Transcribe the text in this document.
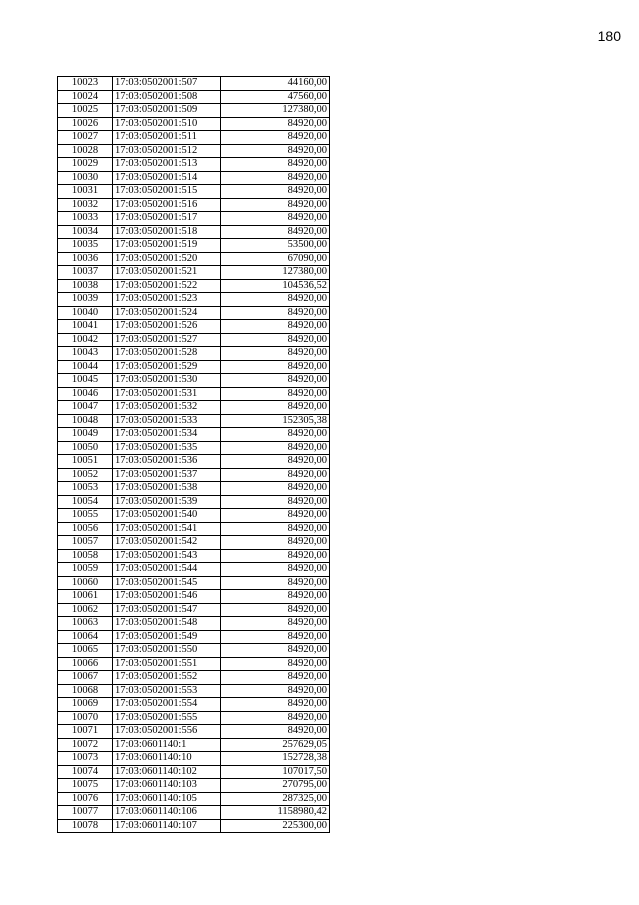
180
10023	17:03:0502001:507	44160,00
10024	17:03:0502001:508	47560,00
10025	17:03:0502001:509	127380,00
10026	17:03:0502001:510	84920,00
10027	17:03:0502001:511	84920,00
10028	17:03:0502001:512	84920,00
10029	17:03:0502001:513	84920,00
10030	17:03:0502001:514	84920,00
10031	17:03:0502001:515	84920,00
10032	17:03:0502001:516	84920,00
10033	17:03:0502001:517	84920,00
10034	17:03:0502001:518	84920,00
10035	17:03:0502001:519	53500,00
10036	17:03:0502001:520	67090,00
10037	17:03:0502001:521	127380,00
10038	17:03:0502001:522	104536,52
10039	17:03:0502001:523	84920,00
10040	17:03:0502001:524	84920,00
10041	17:03:0502001:526	84920,00
10042	17:03:0502001:527	84920,00
10043	17:03:0502001:528	84920,00
10044	17:03:0502001:529	84920,00
10045	17:03:0502001:530	84920,00
10046	17:03:0502001:531	84920,00
10047	17:03:0502001:532	84920,00
10048	17:03:0502001:533	152305,38
10049	17:03:0502001:534	84920,00
10050	17:03:0502001:535	84920,00
10051	17:03:0502001:536	84920,00
10052	17:03:0502001:537	84920,00
10053	17:03:0502001:538	84920,00
10054	17:03:0502001:539	84920,00
10055	17:03:0502001:540	84920,00
10056	17:03:0502001:541	84920,00
10057	17:03:0502001:542	84920,00
10058	17:03:0502001:543	84920,00
10059	17:03:0502001:544	84920,00
10060	17:03:0502001:545	84920,00
10061	17:03:0502001:546	84920,00
10062	17:03:0502001:547	84920,00
10063	17:03:0502001:548	84920,00
10064	17:03:0502001:549	84920,00
10065	17:03:0502001:550	84920,00
10066	17:03:0502001:551	84920,00
10067	17:03:0502001:552	84920,00
10068	17:03:0502001:553	84920,00
10069	17:03:0502001:554	84920,00
10070	17:03:0502001:555	84920,00
10071	17:03:0502001:556	84920,00
10072	17:03:0601140:1	257629,05
10073	17:03:0601140:10	152728,38
10074	17:03:0601140:102	107017,50
10075	17:03:0601140:103	270795,00
10076	17:03:0601140:105	287325,00
10077	17:03:0601140:106	1158980,42
10078	17:03:0601140:107	225300,00
